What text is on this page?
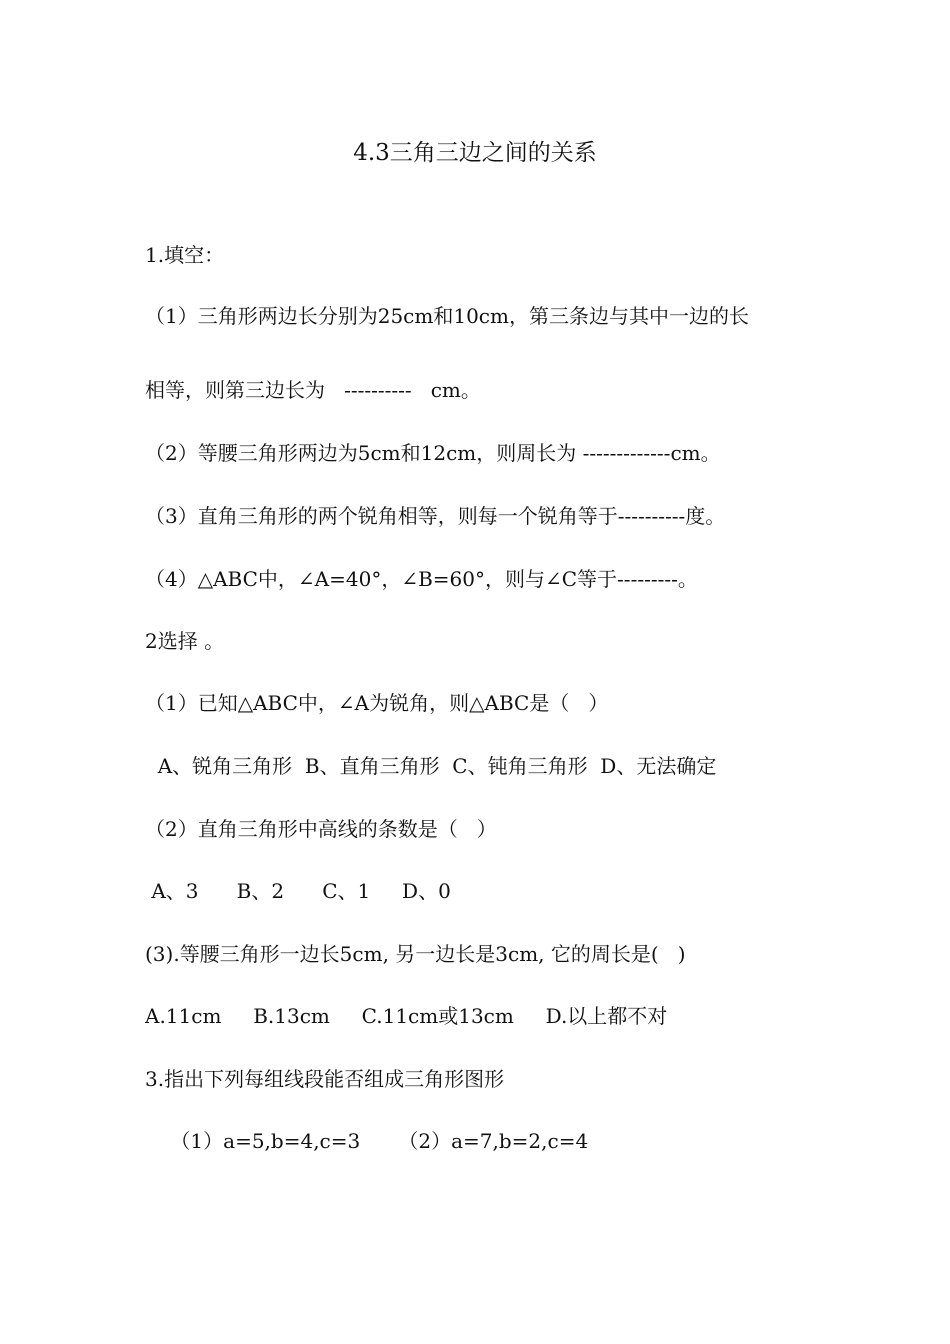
4.3三角三边之间的关系

1.填空：

（1）三角形两边长分别为25cm和10cm，第三条边与其中一边的长

相等，则第三边长为   ----------   cm。

（2）等腰三角形两边为5cm和12cm，则周长为 -------------cm。

（3）直角三角形的两个锐角相等，则每一个锐角等于----------度。

（4）△ABC中，∠A=40°，∠B=60°，则与∠C等于---------。

2选择 。

（1）已知△ABC中，∠A为锐角，则△ABC是（   ）

A、锐角三角形  B、直角三角形  C、钝角三角形  D、无法确定

（2）直角三角形中高线的条数是（   ）

A、3      B、2      C、1     D、0

(3).等腰三角形一边长5cm, 另一边长是3cm, 它的周长是(   )

A.11cm     B.13cm     C.11cm或13cm     D.以上都不对

3.指出下列每组线段能否组成三角形图形

（1）a=5,b=4,c=3      （2）a=7,b=2,c=4
